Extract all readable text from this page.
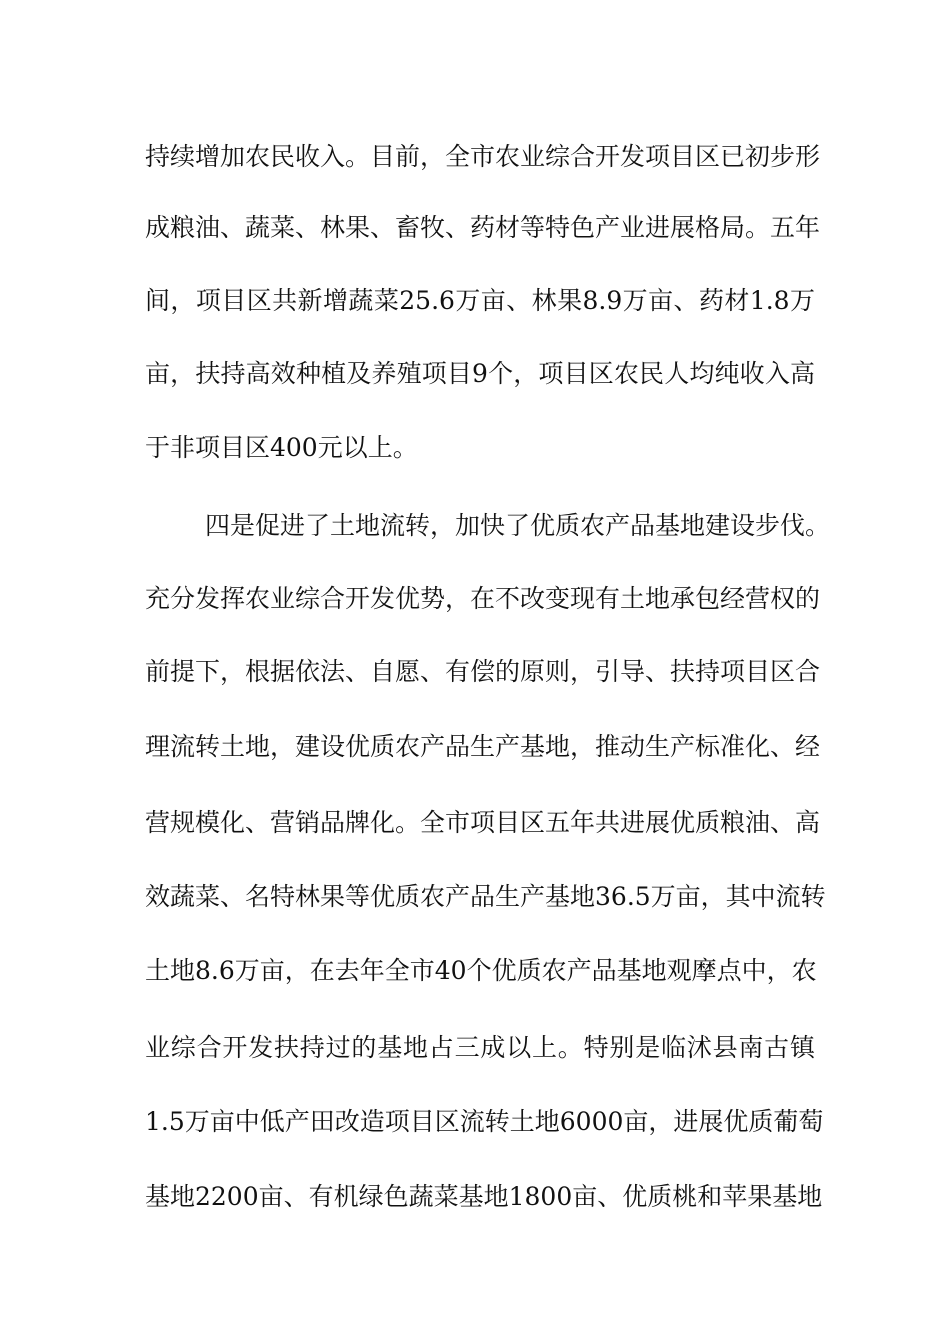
持续增加农民收入。目前，全市农业综合开发项目区已初步形
成粮油、蔬菜、林果、畜牧、药材等特色产业进展格局。五年
间，项目区共新增蔬菜25.6万亩、林果8.9万亩、药材1.8万
亩，扶持高效种植及养殖项目9个，项目区农民人均纯收入高
于非项目区400元以上。
四是促进了土地流转，加快了优质农产品基地建设步伐。
充分发挥农业综合开发优势，在不改变现有土地承包经营权的
前提下，根据依法、自愿、有偿的原则，引导、扶持项目区合
理流转土地，建设优质农产品生产基地，推动生产标准化、经
营规模化、营销品牌化。全市项目区五年共进展优质粮油、高
效蔬菜、名特林果等优质农产品生产基地36.5万亩，其中流转
土地8.6万亩，在去年全市40个优质农产品基地观摩点中，农
业综合开发扶持过的基地占三成以上。特别是临沭县南古镇
1.5万亩中低产田改造项目区流转土地6000亩，进展优质葡萄
基地2200亩、有机绿色蔬菜基地1800亩、优质桃和苹果基地
